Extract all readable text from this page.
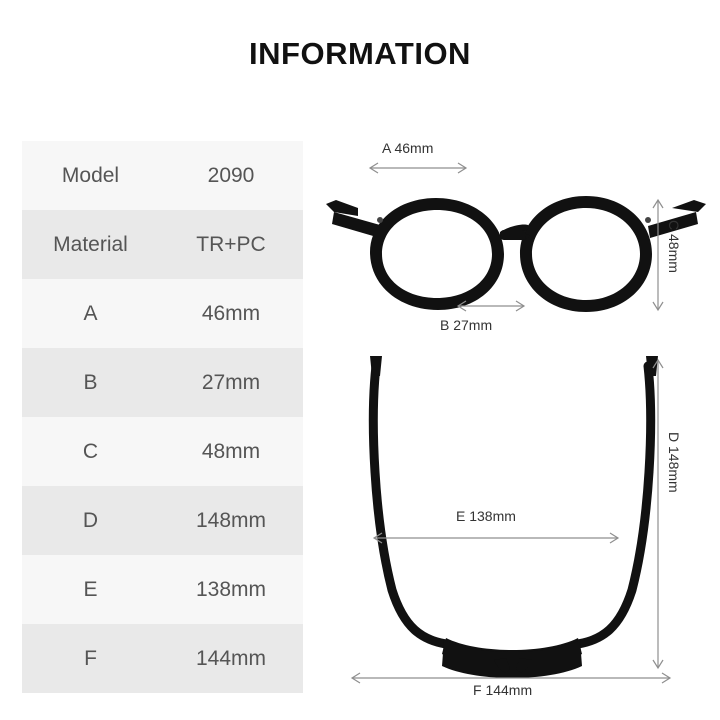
INFORMATION
Model	2090
Material	TR+PC
A	46mm
B	27mm
C	48mm
D	148mm
E	138mm
F	144mm
A 46mm
B 27mm
C 48mm
D 148mm
E 138mm
F 144mm
